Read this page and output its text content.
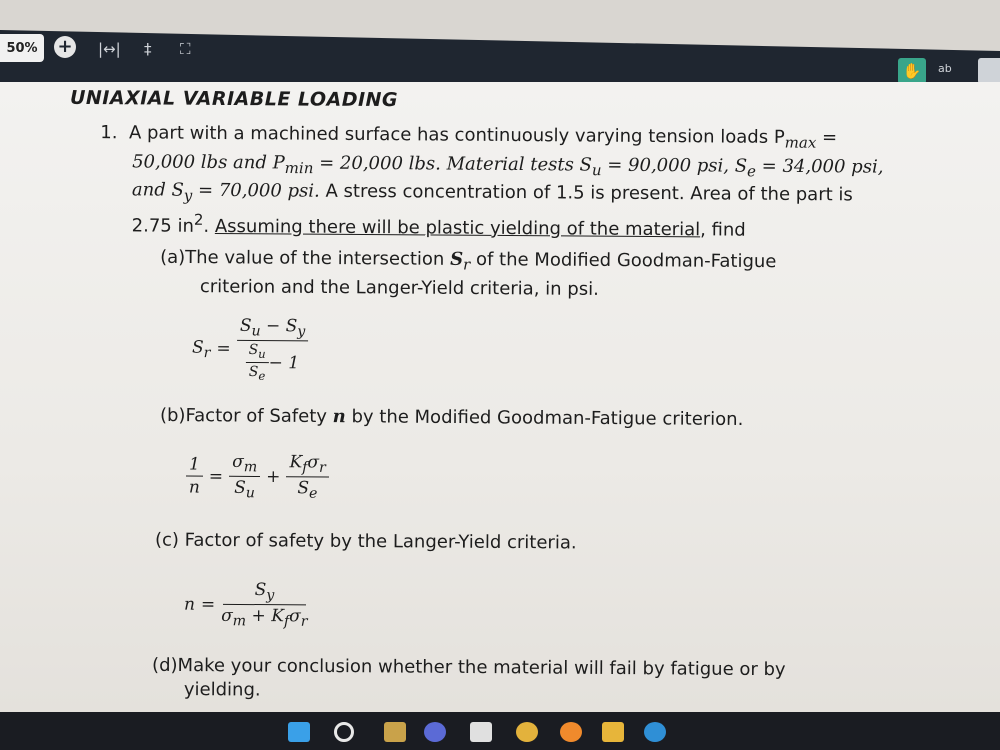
50%	+ |↔| ‡ ⛶
✋	ab
UNIAXIAL VARIABLE LOADING
1. A part with a machined surface has continuously varying tension loads $P_{max}$ =
50,000 lbs and $P_{min} = 20,000$ lbs. Material tests $S_u = 90,000$ psi, $S_e = 34,000$ psi,
and $S_y = 70,000$ psi. A stress concentration of 1.5 is present. Area of the part is
2.75 $in^2$. Assuming there will be plastic yielding of the material, find
(a)The value of the intersection $S_r$ of the Modified Goodman-Fatigue
criterion and the Langer-Yield criteria, in psi.
$S_r = \frac{S_u - S_y}{\frac{S_u}{S_e} - 1}$
(b)Factor of Safety n by the Modified Goodman-Fatigue criterion.
$\frac{1}{n} = \frac{\sigma_m}{S_u} + \frac{K_f\sigma_r}{S_e}$
(c) Factor of safety by the Langer-Yield criteria.
$n = \frac{S_y}{\sigma_m + K_f\sigma_r}$
(d)Make your conclusion whether the material will fail by fatigue or by
yielding.
